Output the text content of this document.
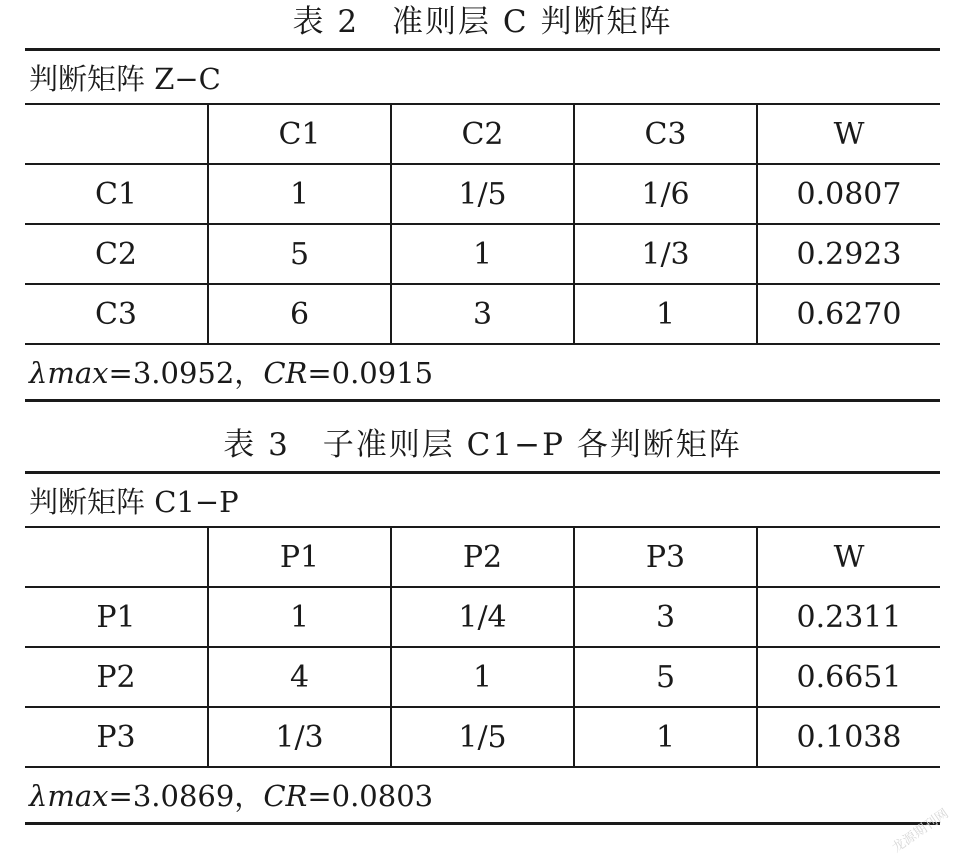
表 2　准则层 C 判断矩阵
判断矩阵 Z−C
	C1	C2	C3	W
C1	1	1/5	1/6	0.0807
C2	5	1	1/3	0.2923
C3	6	3	1	0.6270
λmax=3.0952，CR=0.0915
表 3　子准则层 C1−P 各判断矩阵
判断矩阵 C1−P
	P1	P2	P3	W
P1	1	1/4	3	0.2311
P2	4	1	5	0.6651
P3	1/3	1/5	1	0.1038
λmax=3.0869，CR=0.0803
龙源期刊网
